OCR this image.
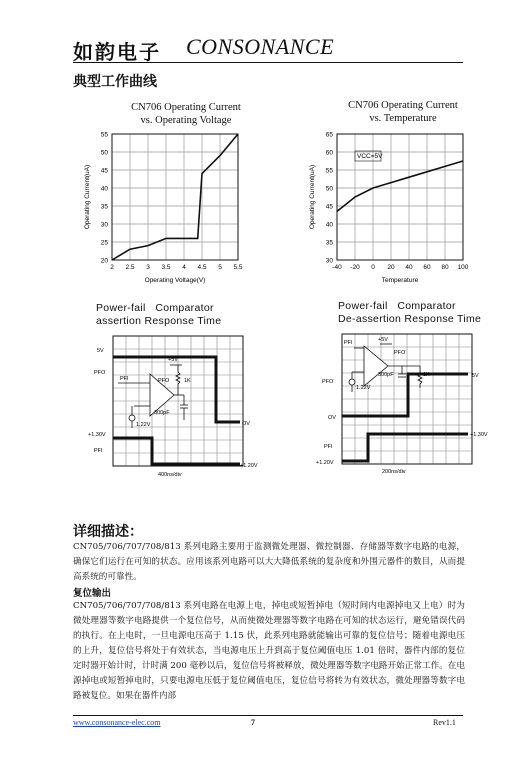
如韵电子 CONSONANCE
典型工作曲线
CN706 Operating Current
vs. Operating Voltage
2 2.5 3 3.5 4 4.5 5 5.5
20
25
30
35
40
45
50
55
Operating Voltage(V)
Operating Current(uA)
CN706 Operating Current
vs. Temperature
-40 -20 0 20 40 60 80 100
30
35
40
45
50
55
60
65
Temperature
Operating Current(uA)
VCC=5V
Power-fail   Comparator
assertion Response Time
5V
PFO
PFI
+5V
PFO	1K
300pF
1.22V
+1.30V
PFI
OV
+1.20V
400ns/div
Power-fail   Comparator
De-assertion Response Time
PFI	+5V
PFO
300pF	1K
1.22V
PFO
5V
OV
PFI
+1.30V
+1.20V
200ns/div
详细描述：
CN705/706/707/708/813 系列电路主要用于监测微处理器、微控制器、存储器等数字电路的电源，确保它们运行在可知的状态。应用该系列电路可以大大降低系统的复杂度和外围元器件的数目，从而提高系统的可靠性。
复位输出
CN705/706/707/708/813 系列电路在电源上电，掉电或短暂掉电（短时间内电源掉电又上电）时为微处理器等数字电路提供一个复位信号，从而使微处理器等数字电路在可知的状态运行，避免错误代码的执行。在上电时，一旦电源电压高于 1.15 伏，此系列电路就能输出可靠的复位信号；随着电源电压的上升，复位信号将处于有效状态，当电源电压上升到高于复位阈值电压 1.01 倍时，器件内部的复位定时器开始计时，计时满 200 毫秒以后，复位信号将被释放，微处理器等数字电路开始正常工作。在电源掉电或短暂掉电时，只要电源电压低于复位阈值电压，复位信号将转为有效状态，微处理器等数字电路被复位。如果在器件内部
www.consonance-elec.com	7	Rev1.1
